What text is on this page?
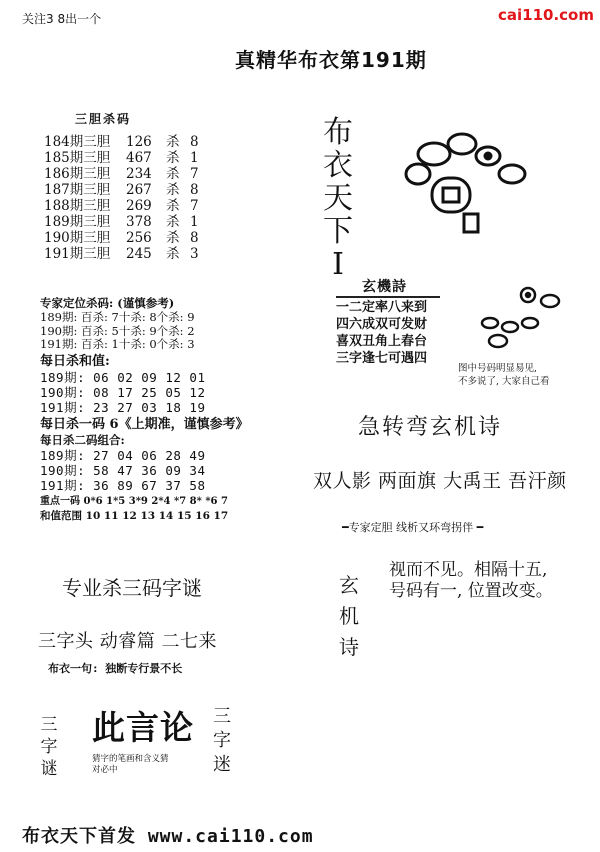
关注3 8出一个	cai110.com
真精华布衣第191期
三胆杀码
184期三胆 126 杀 8
185期三胆 467 杀 1
186期三胆 234 杀 7
187期三胆 267 杀 8
188期三胆 269 杀 7
189期三胆 378 杀 1
190期三胆 256 杀 8
191期三胆 245 杀 3
专家定位杀码: (谨慎参考)
189期: 百杀: 7十杀: 8个杀: 9
190期: 百杀: 5十杀: 9个杀: 2
191期: 百杀: 1十杀: 0个杀: 3
每日杀和值:
189期: 06 02 09 12 01
190期: 08 17 25 05 12
191期: 23 27 03 18 19
每日杀一码 6《上期准，谨慎参考》
每日杀二码组合:
189期: 27 04 06 28 49
190期: 58 47 36 09 34
191期: 36 89 67 37 58
重点一码 0*6 1*5 3*9 2*4 *7 8* *6 7
和值范围 10 11 12 13 14 15 16 17
布衣天下Ⅰ
玄機詩
一二定率八来到
四六成双可发财
喜双丑角上春台
三字逢七可遇四
图中号码明显易见,
不多说了, 大家自己看
急转弯玄机诗
双人影 两面旗 大禹王 吾汗颜
━专家定胆 线析又环弯拐伴 ━
玄机诗
视而不见。相隔十五,
号码有一, 位置改变。
专业杀三码字谜
三字头 动睿篇 二七来
布衣一句: 独断专行景不长
三字谜
此言论
猜字的笔画和含义猜
对必中
三字迷
布衣天下首发 www.cai110.com
